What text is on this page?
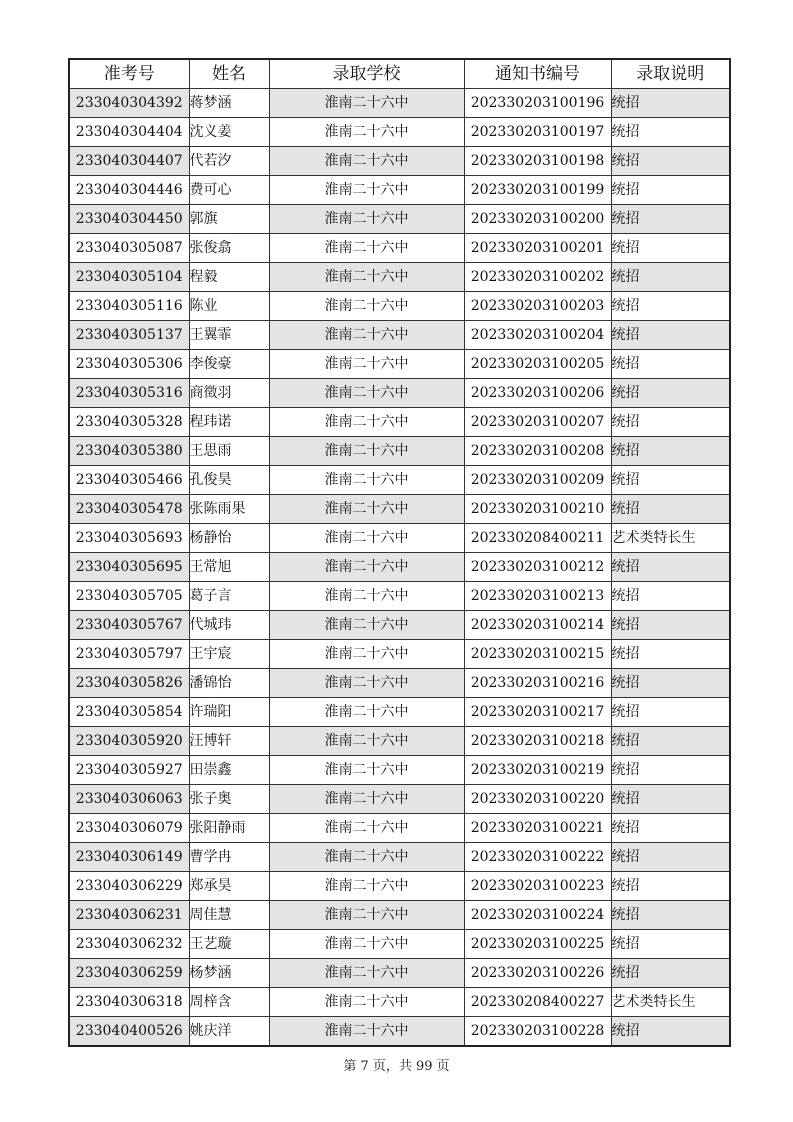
准考号	姓名	录取学校	通知书编号	录取说明
233040304392	蒋梦涵	淮南二十六中	202330203100196	统招
233040304404	沈义姜	淮南二十六中	202330203100197	统招
233040304407	代若汐	淮南二十六中	202330203100198	统招
233040304446	费可心	淮南二十六中	202330203100199	统招
233040304450	郭旗	淮南二十六中	202330203100200	统招
233040305087	张俊翕	淮南二十六中	202330203100201	统招
233040305104	程毅	淮南二十六中	202330203100202	统招
233040305116	陈业	淮南二十六中	202330203100203	统招
233040305137	王翼霏	淮南二十六中	202330203100204	统招
233040305306	李俊豪	淮南二十六中	202330203100205	统招
233040305316	商徵羽	淮南二十六中	202330203100206	统招
233040305328	程玮诺	淮南二十六中	202330203100207	统招
233040305380	王思雨	淮南二十六中	202330203100208	统招
233040305466	孔俊昊	淮南二十六中	202330203100209	统招
233040305478	张陈雨果	淮南二十六中	202330203100210	统招
233040305693	杨静怡	淮南二十六中	202330208400211	艺术类特长生
233040305695	王常旭	淮南二十六中	202330203100212	统招
233040305705	葛子言	淮南二十六中	202330203100213	统招
233040305767	代城玮	淮南二十六中	202330203100214	统招
233040305797	王宇宸	淮南二十六中	202330203100215	统招
233040305826	潘锦怡	淮南二十六中	202330203100216	统招
233040305854	许瑞阳	淮南二十六中	202330203100217	统招
233040305920	汪博轩	淮南二十六中	202330203100218	统招
233040305927	田崇鑫	淮南二十六中	202330203100219	统招
233040306063	张子奥	淮南二十六中	202330203100220	统招
233040306079	张阳静雨	淮南二十六中	202330203100221	统招
233040306149	曹学冉	淮南二十六中	202330203100222	统招
233040306229	郑承昊	淮南二十六中	202330203100223	统招
233040306231	周佳慧	淮南二十六中	202330203100224	统招
233040306232	王艺璇	淮南二十六中	202330203100225	统招
233040306259	杨梦涵	淮南二十六中	202330203100226	统招
233040306318	周梓含	淮南二十六中	202330208400227	艺术类特长生
233040400526	姚庆洋	淮南二十六中	202330203100228	统招
第 7 页，共 99 页
